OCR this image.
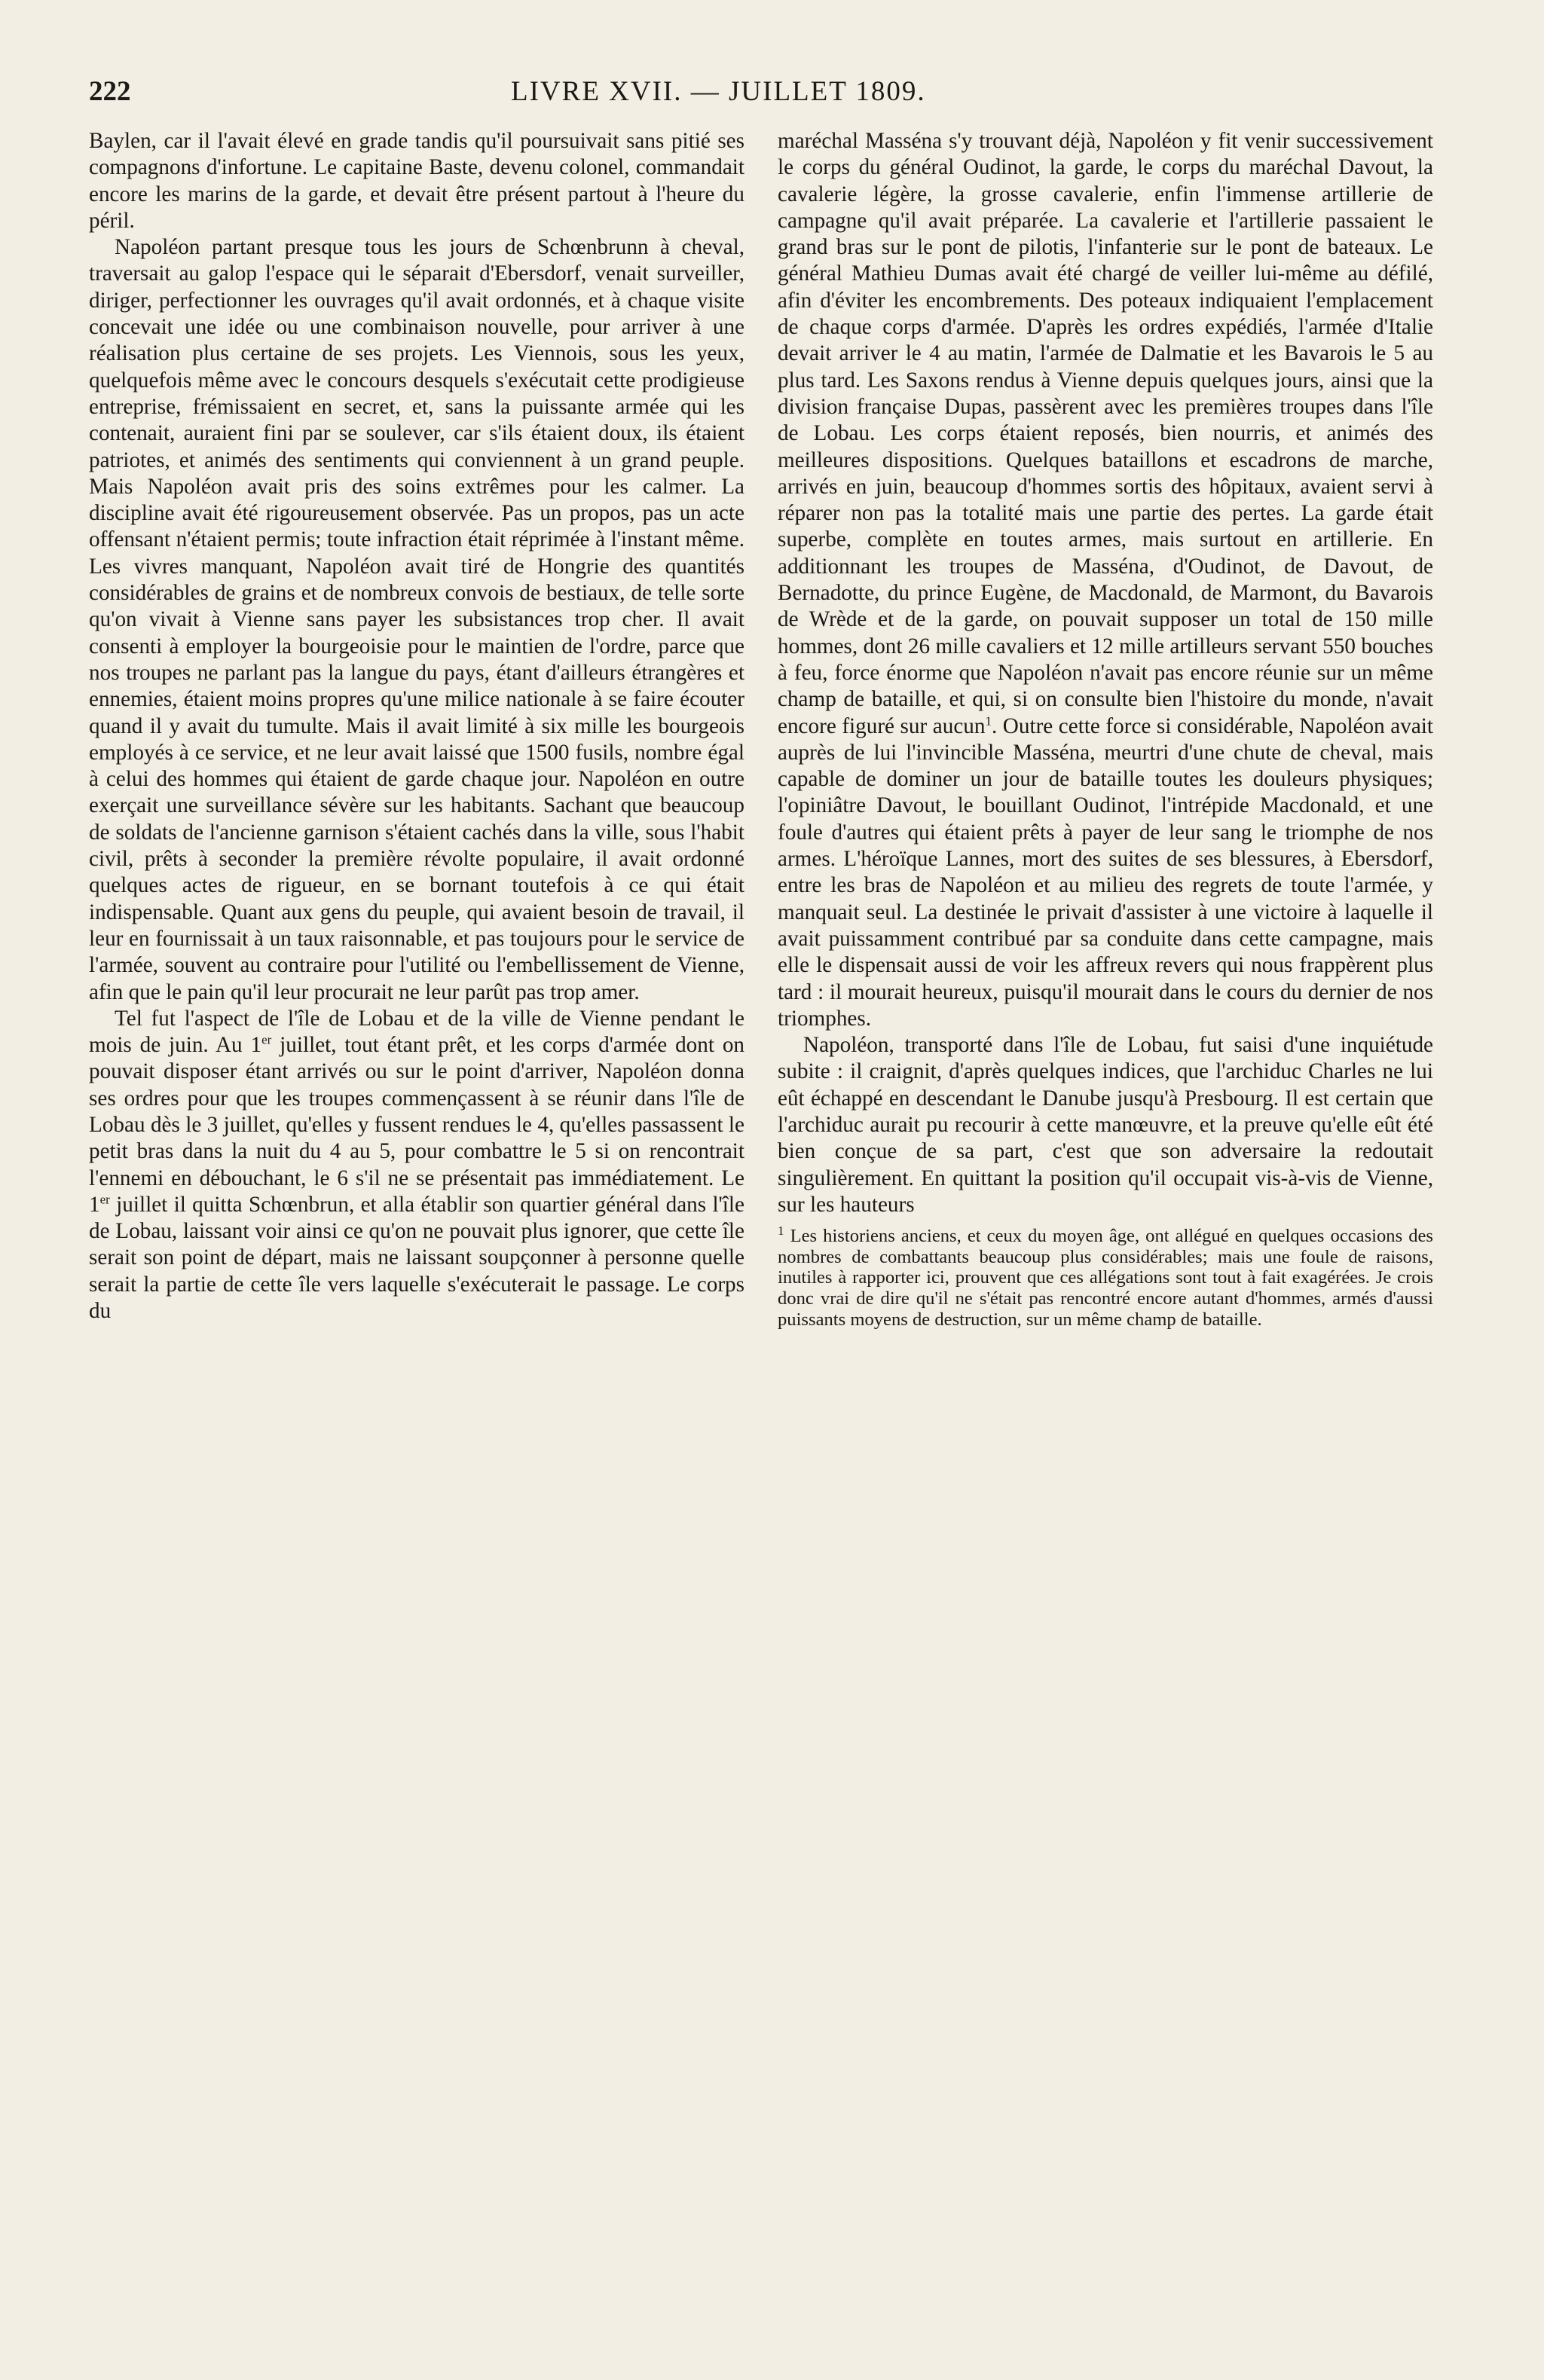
222	LIVRE XVII. — JUILLET 1809.

Baylen, car il l'avait élevé en grade tandis qu'il poursuivait sans pitié ses compagnons d'infortune. Le capitaine Baste, devenu colonel, commandait encore les marins de la garde, et devait être présent partout à l'heure du péril.

Napoléon partant presque tous les jours de Schœnbrunn à cheval, traversait au galop l'espace qui le séparait d'Ebersdorf, venait surveiller, diriger, perfectionner les ouvrages qu'il avait ordonnés, et à chaque visite concevait une idée ou une combinaison nouvelle, pour arriver à une réalisation plus certaine de ses projets. Les Viennois, sous les yeux, quelquefois même avec le concours desquels s'exécutait cette prodigieuse entreprise, frémissaient en secret, et, sans la puissante armée qui les contenait, auraient fini par se soulever, car s'ils étaient doux, ils étaient patriotes, et animés des sentiments qui conviennent à un grand peuple. Mais Napoléon avait pris des soins extrêmes pour les calmer. La discipline avait été rigoureusement observée. Pas un propos, pas un acte offensant n'étaient permis; toute infraction était réprimée à l'instant même. Les vivres manquant, Napoléon avait tiré de Hongrie des quantités considérables de grains et de nombreux convois de bestiaux, de telle sorte qu'on vivait à Vienne sans payer les subsistances trop cher. Il avait consenti à employer la bourgeoisie pour le maintien de l'ordre, parce que nos troupes ne parlant pas la langue du pays, étant d'ailleurs étrangères et ennemies, étaient moins propres qu'une milice nationale à se faire écouter quand il y avait du tumulte. Mais il avait limité à six mille les bourgeois employés à ce service, et ne leur avait laissé que 1500 fusils, nombre égal à celui des hommes qui étaient de garde chaque jour. Napoléon en outre exerçait une surveillance sévère sur les habitants. Sachant que beaucoup de soldats de l'ancienne garnison s'étaient cachés dans la ville, sous l'habit civil, prêts à seconder la première révolte populaire, il avait ordonné quelques actes de rigueur, en se bornant toutefois à ce qui était indispensable. Quant aux gens du peuple, qui avaient besoin de travail, il leur en fournissait à un taux raisonnable, et pas toujours pour le service de l'armée, souvent au contraire pour l'utilité ou l'embellissement de Vienne, afin que le pain qu'il leur procurait ne leur parût pas trop amer.

Tel fut l'aspect de l'île de Lobau et de la ville de Vienne pendant le mois de juin. Au 1er juillet, tout étant prêt, et les corps d'armée dont on pouvait disposer étant arrivés ou sur le point d'arriver, Napoléon donna ses ordres pour que les troupes commençassent à se réunir dans l'île de Lobau dès le 3 juillet, qu'elles y fussent rendues le 4, qu'elles passassent le petit bras dans la nuit du 4 au 5, pour combattre le 5 si on rencontrait l'ennemi en débouchant, le 6 s'il ne se présentait pas immédiatement. Le 1er juillet il quitta Schœnbrun, et alla établir son quartier général dans l'île de Lobau, laissant voir ainsi ce qu'on ne pouvait plus ignorer, que cette île serait son point de départ, mais ne laissant soupçonner à personne quelle serait la partie de cette île vers laquelle s'exécuterait le passage. Le corps du

maréchal Masséna s'y trouvant déjà, Napoléon y fit venir successivement le corps du général Oudinot, la garde, le corps du maréchal Davout, la cavalerie légère, la grosse cavalerie, enfin l'immense artillerie de campagne qu'il avait préparée. La cavalerie et l'artillerie passaient le grand bras sur le pont de pilotis, l'infanterie sur le pont de bateaux. Le général Mathieu Dumas avait été chargé de veiller lui-même au défilé, afin d'éviter les encombrements. Des poteaux indiquaient l'emplacement de chaque corps d'armée. D'après les ordres expédiés, l'armée d'Italie devait arriver le 4 au matin, l'armée de Dalmatie et les Bavarois le 5 au plus tard. Les Saxons rendus à Vienne depuis quelques jours, ainsi que la division française Dupas, passèrent avec les premières troupes dans l'île de Lobau. Les corps étaient reposés, bien nourris, et animés des meilleures dispositions. Quelques bataillons et escadrons de marche, arrivés en juin, beaucoup d'hommes sortis des hôpitaux, avaient servi à réparer non pas la totalité mais une partie des pertes. La garde était superbe, complète en toutes armes, mais surtout en artillerie. En additionnant les troupes de Masséna, d'Oudinot, de Davout, de Bernadotte, du prince Eugène, de Macdonald, de Marmont, du Bavarois de Wrède et de la garde, on pouvait supposer un total de 150 mille hommes, dont 26 mille cavaliers et 12 mille artilleurs servant 550 bouches à feu, force énorme que Napoléon n'avait pas encore réunie sur un même champ de bataille, et qui, si on consulte bien l'histoire du monde, n'avait encore figuré sur aucun$^1$. Outre cette force si considérable, Napoléon avait auprès de lui l'invincible Masséna, meurtri d'une chute de cheval, mais capable de dominer un jour de bataille toutes les douleurs physiques; l'opiniâtre Davout, le bouillant Oudinot, l'intrépide Macdonald, et une foule d'autres qui étaient prêts à payer de leur sang le triomphe de nos armes. L'héroïque Lannes, mort des suites de ses blessures, à Ebersdorf, entre les bras de Napoléon et au milieu des regrets de toute l'armée, y manquait seul. La destinée le privait d'assister à une victoire à laquelle il avait puissamment contribué par sa conduite dans cette campagne, mais elle le dispensait aussi de voir les affreux revers qui nous frappèrent plus tard : il mourait heureux, puisqu'il mourait dans le cours du dernier de nos triomphes.

Napoléon, transporté dans l'île de Lobau, fut saisi d'une inquiétude subite : il craignit, d'après quelques indices, que l'archiduc Charles ne lui eût échappé en descendant le Danube jusqu'à Presbourg. Il est certain que l'archiduc aurait pu recourir à cette manœuvre, et la preuve qu'elle eût été bien conçue de sa part, c'est que son adversaire la redoutait singulièrement. En quittant la position qu'il occupait vis-à-vis de Vienne, sur les hauteurs

$^1$ Les historiens anciens, et ceux du moyen âge, ont allégué en quelques occasions des nombres de combattants beaucoup plus considérables; mais une foule de raisons, inutiles à rapporter ici, prouvent que ces allégations sont tout à fait exagérées. Je crois donc vrai de dire qu'il ne s'était pas rencontré encore autant d'hommes, armés d'aussi puissants moyens de destruction, sur un même champ de bataille.
